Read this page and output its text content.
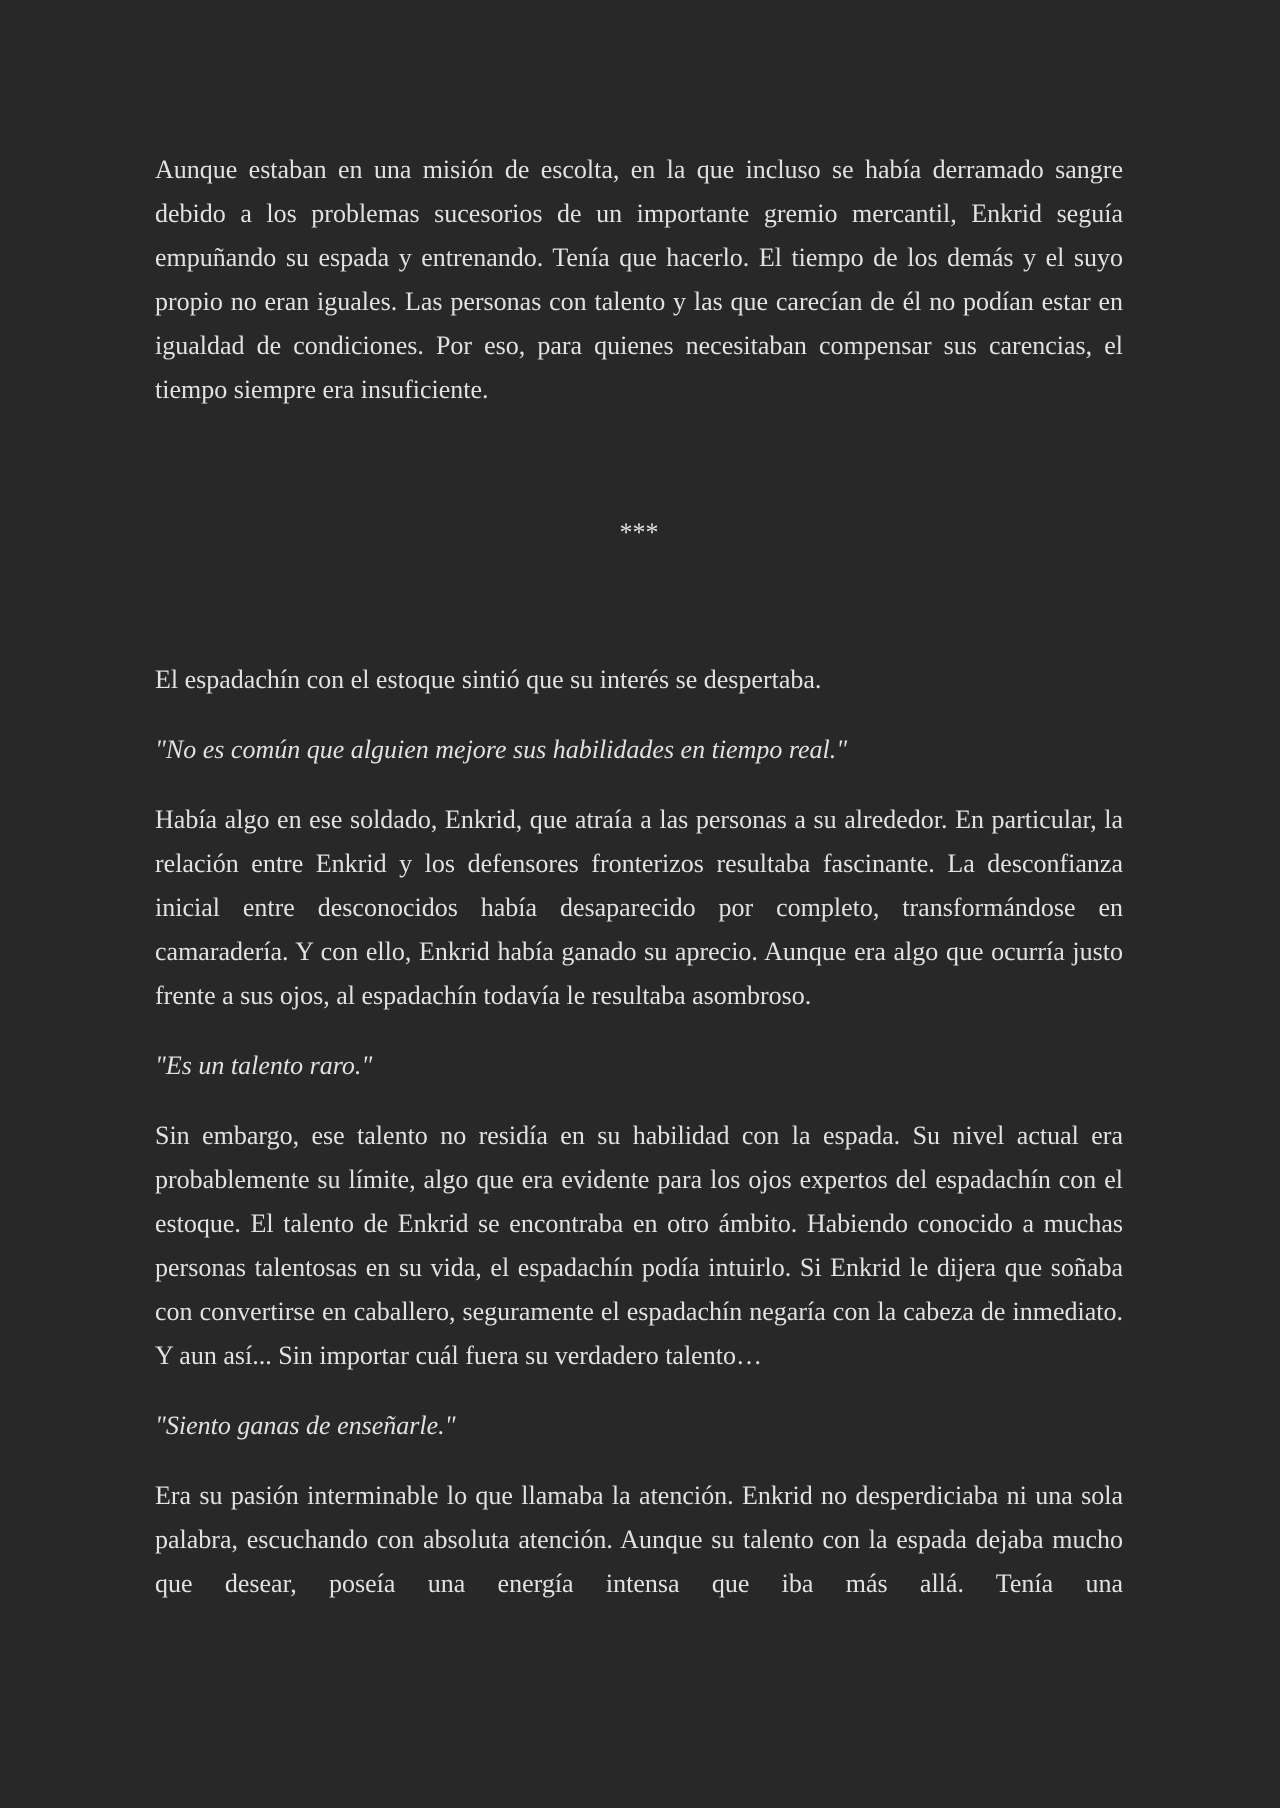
Aunque estaban en una misión de escolta, en la que incluso se había derramado sangre debido a los problemas sucesorios de un importante gremio mercantil, Enkrid seguía empuñando su espada y entrenando. Tenía que hacerlo. El tiempo de los demás y el suyo propio no eran iguales. Las personas con talento y las que carecían de él no podían estar en igualdad de condiciones. Por eso, para quienes necesitaban compensar sus carencias, el tiempo siempre era insuficiente.

***

El espadachín con el estoque sintió que su interés se despertaba.

"No es común que alguien mejore sus habilidades en tiempo real."

Había algo en ese soldado, Enkrid, que atraía a las personas a su alrededor. En particular, la relación entre Enkrid y los defensores fronterizos resultaba fascinante. La desconfianza inicial entre desconocidos había desaparecido por completo, transformándose en camaradería. Y con ello, Enkrid había ganado su aprecio. Aunque era algo que ocurría justo frente a sus ojos, al espadachín todavía le resultaba asombroso.

"Es un talento raro."

Sin embargo, ese talento no residía en su habilidad con la espada. Su nivel actual era probablemente su límite, algo que era evidente para los ojos expertos del espadachín con el estoque. El talento de Enkrid se encontraba en otro ámbito. Habiendo conocido a muchas personas talentosas en su vida, el espadachín podía intuirlo. Si Enkrid le dijera que soñaba con convertirse en caballero, seguramente el espadachín negaría con la cabeza de inmediato. Y aun así... Sin importar cuál fuera su verdadero talento…

"Siento ganas de enseñarle."

Era su pasión interminable lo que llamaba la atención. Enkrid no desperdiciaba ni una sola palabra, escuchando con absoluta atención. Aunque su talento con la espada dejaba mucho que desear, poseía una energía intensa que iba más allá. Tenía una
